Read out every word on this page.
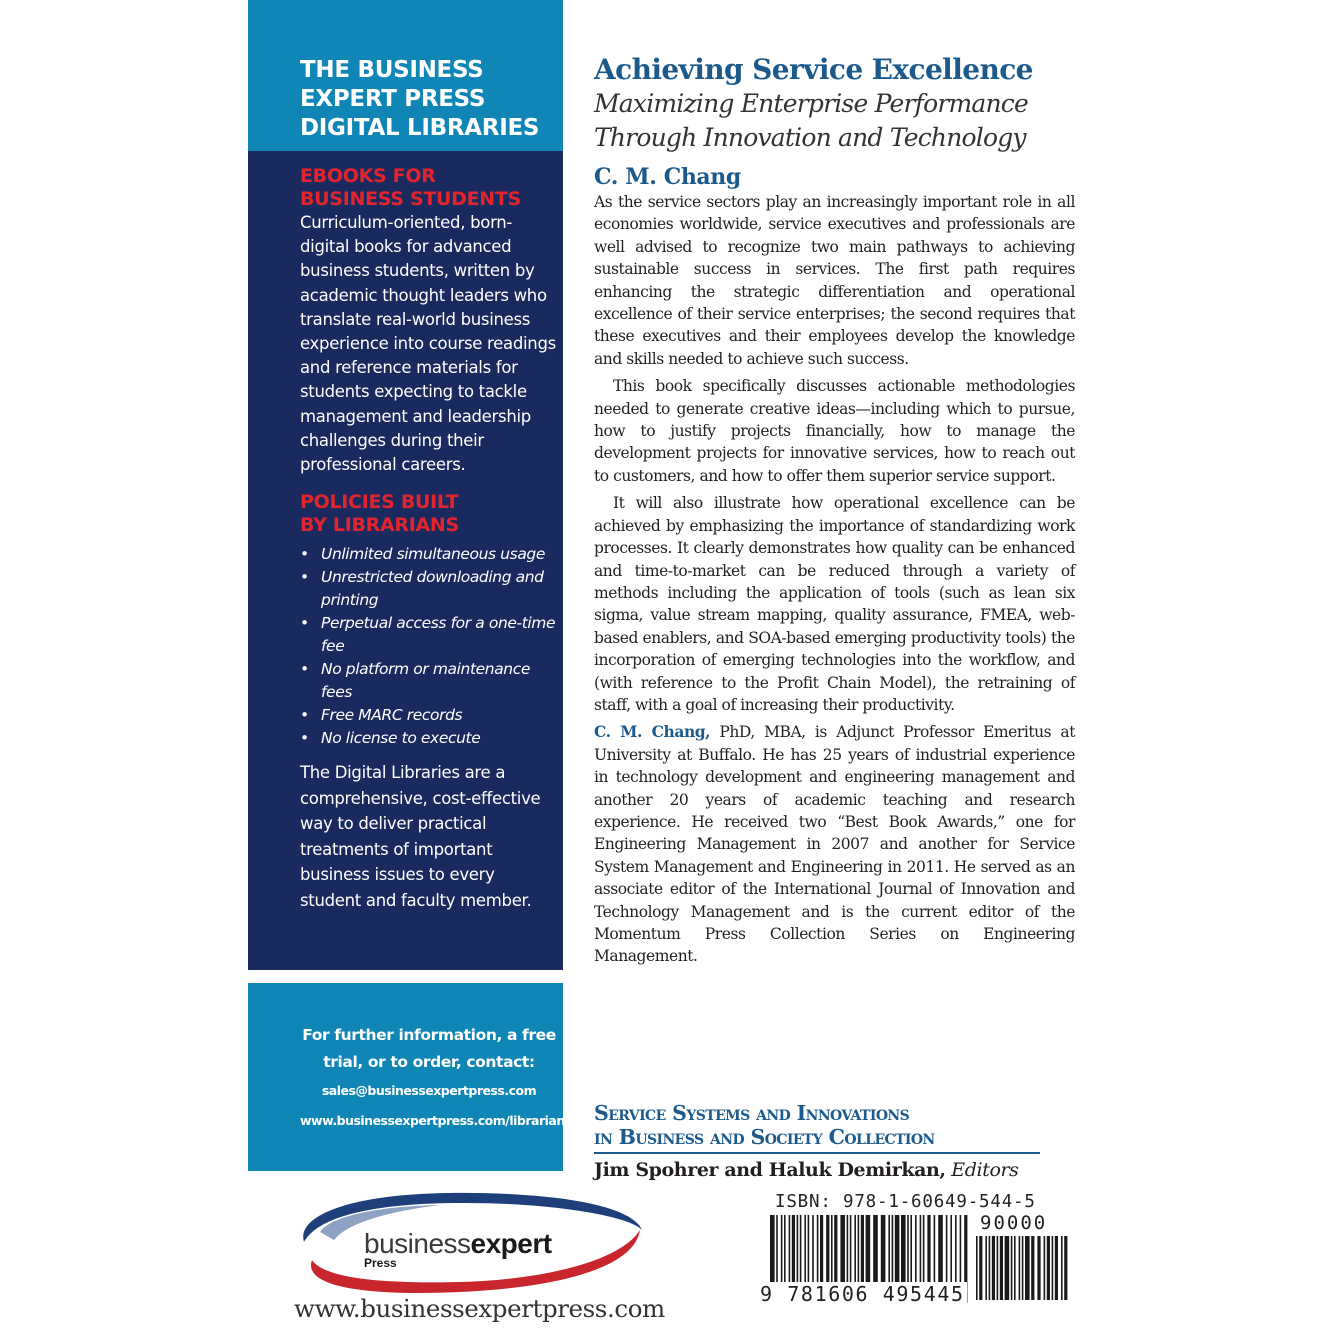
THE BUSINESS
EXPERT PRESS
DIGITAL LIBRARIES
EBOOKS FOR
BUSINESS STUDENTS

Curriculum-oriented, born-digital books for advanced business students, written by academic thought leaders who translate real-world business experience into course readings and reference materials for students expecting to tackle management and leadership challenges during their professional careers.

POLICIES BUILT
BY LIBRARIANS
• Unlimited simultaneous usage
• Unrestricted downloading and printing
• Perpetual access for a one-time fee
• No platform or maintenance fees
• Free MARC records
• No license to execute

The Digital Libraries are a comprehensive, cost-effective way to deliver practical treatments of important business issues to every student and faculty member.

For further information, a free trial, or to order, contact:
sales@businessexpertpress.com
www.businessexpertpress.com/librarians
businessexpert
Press
www.businessexpertpress.com
Achieving Service Excellence
Maximizing Enterprise Performance
Through Innovation and Technology
C. M. Chang

As the service sectors play an increasingly important role in all economies worldwide, service executives and professionals are well advised to recognize two main pathways to achieving sustainable success in services. The first path requires enhancing the strategic differentiation and operational excellence of their service enterprises; the second requires that these executives and their employees develop the knowledge and skills needed to achieve such success.

This book specifically discusses actionable methodologies needed to generate creative ideas—including which to pursue, how to justify projects financially, how to manage the development projects for innovative services, how to reach out to customers, and how to offer them superior service support.

It will also illustrate how operational excellence can be achieved by emphasizing the importance of standardizing work processes. It clearly demonstrates how quality can be enhanced and time-to-market can be reduced through a variety of methods including the application of tools (such as lean six sigma, value stream mapping, quality assurance, FMEA, web-based enablers, and SOA-based emerging productivity tools) the incorporation of emerging technologies into the workflow, and (with reference to the Profit Chain Model), the retraining of staff, with a goal of increasing their productivity.

C. M. Chang, PhD, MBA, is Adjunct Professor Emeritus at University at Buffalo. He has 25 years of industrial experience in technology development and engineering management and another 20 years of academic teaching and research experience. He received two “Best Book Awards,” one for Engineering Management in 2007 and another for Service System Management and Engineering in 2011. He served as an associate editor of the International Journal of Innovation and Technology Management and is the current editor of the Momentum Press Collection Series on Engineering Management.

Service Systems and Innovations
in Business and Society Collection
Jim Spohrer and Haluk Demirkan, Editors
ISBN: 978-1-60649-544-5
90000
9 781606 495445
